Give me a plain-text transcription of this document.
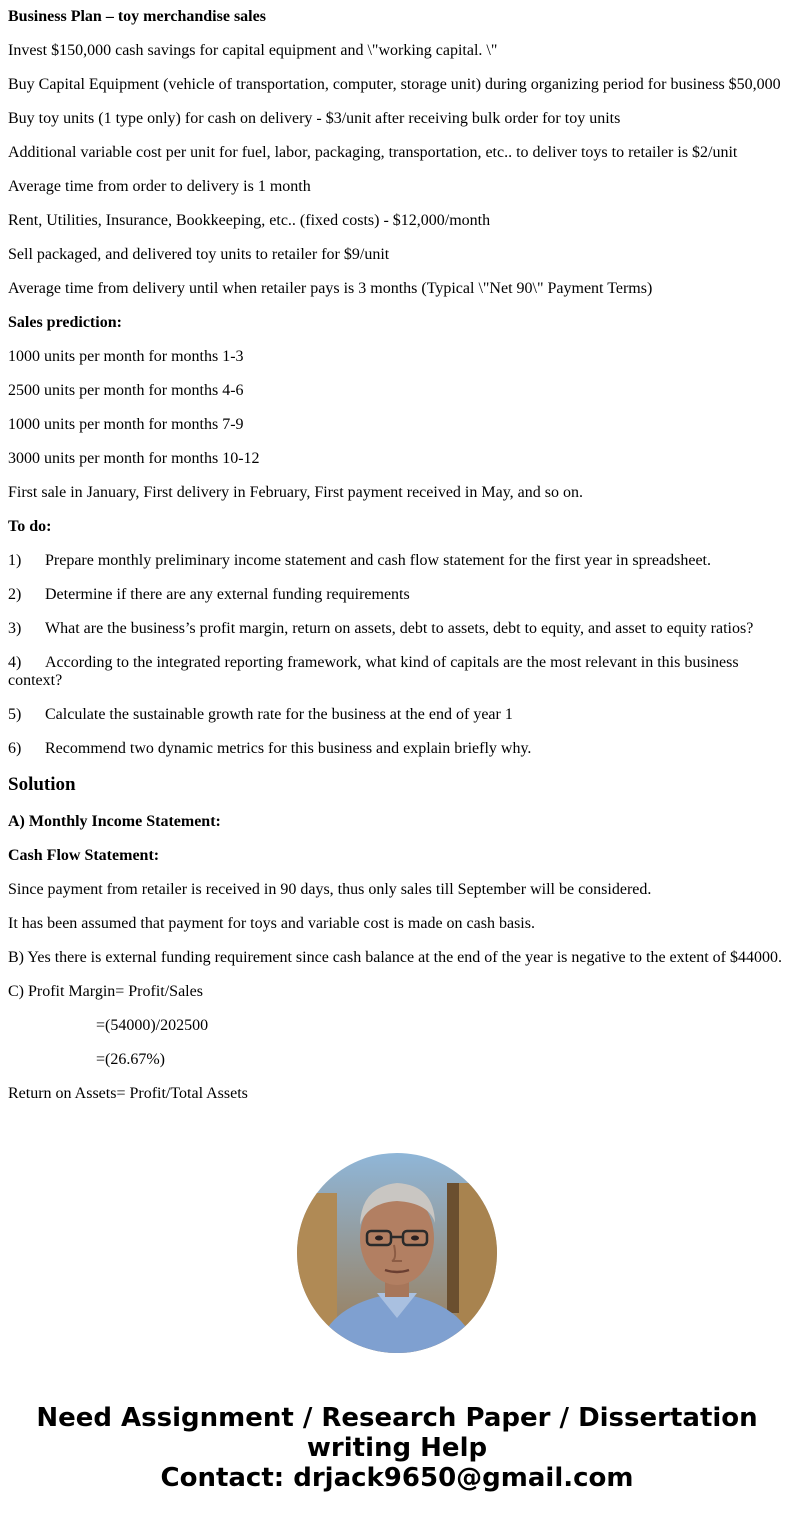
Business Plan – toy merchandise sales
Invest $150,000 cash savings for capital equipment and \"working capital. \"
Buy Capital Equipment (vehicle of transportation, computer, storage unit) during organizing period for business $50,000
Buy toy units (1 type only) for cash on delivery - $3/unit after receiving bulk order for toy units
Additional variable cost per unit for fuel, labor, packaging, transportation, etc.. to deliver toys to retailer is $2/unit
Average time from order to delivery is 1 month
Rent, Utilities, Insurance, Bookkeeping, etc.. (fixed costs) - $12,000/month
Sell packaged, and delivered toy units to retailer for $9/unit
Average time from delivery until when retailer pays is 3 months (Typical \"Net 90\" Payment Terms)
Sales prediction:
1000 units per month for months 1-3
2500 units per month for months 4-6
1000 units per month for months 7-9
3000 units per month for months 10-12
First sale in January, First delivery in February, First payment received in May, and so on.
To do:
1) Prepare monthly preliminary income statement and cash flow statement for the first year in spreadsheet.
2) Determine if there are any external funding requirements
3) What are the business’s profit margin, return on assets, debt to assets, debt to equity, and asset to equity ratios?
4) According to the integrated reporting framework, what kind of capitals are the most relevant in this business context?
5) Calculate the sustainable growth rate for the business at the end of year 1
6) Recommend two dynamic metrics for this business and explain briefly why.
Solution
A) Monthly Income Statement:
Cash Flow Statement:
Since payment from retailer is received in 90 days, thus only sales till September will be considered.
It has been assumed that payment for toys and variable cost is made on cash basis.
B) Yes there is external funding requirement since cash balance at the end of the year is negative to the extent of $44000.
C) Profit Margin= Profit/Sales
=(54000)/202500
=(26.67%)
Return on Assets= Profit/Total Assets
Need Assignment / Research Paper / Dissertation
writing Help
Contact: drjack9650@gmail.com
